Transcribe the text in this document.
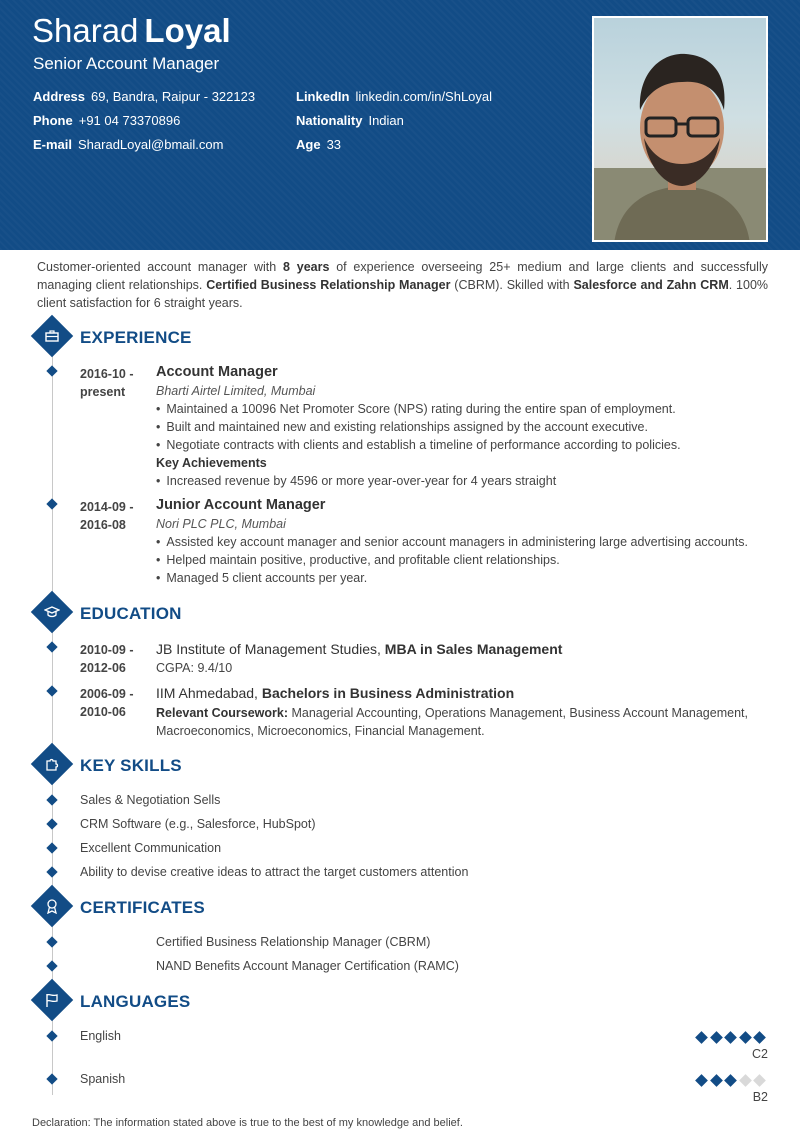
Sharad Loyal
Senior Account Manager
Address 69, Bandra, Raipur - 322123
Phone +91 04 73370896
E-mail SharadLoyal@bmail.com
LinkedIn linkedin.com/in/ShLoyal
Nationality Indian
Age 33
Customer-oriented account manager with 8 years of experience overseeing 25+ medium and large clients and successfully managing client relationships. Certified Business Relationship Manager (CBRM). Skilled with Salesforce and Zahn CRM. 100% client satisfaction for 6 straight years.
EXPERIENCE
2016-10 -
present
Account Manager
Bharti Airtel Limited, Mumbai
• Maintained a 10096 Net Promoter Score (NPS) rating during the entire span of employment.
• Built and maintained new and existing relationships assigned by the account executive.
• Negotiate contracts with clients and establish a timeline of performance according to policies.
Key Achievements
• Increased revenue by 4596 or more year-over-year for 4 years straight
2014-09 -
2016-08
Junior Account Manager
Nori PLC PLC, Mumbai
• Assisted key account manager and senior account managers in administering large advertising accounts.
• Helped maintain positive, productive, and profitable client relationships.
• Managed 5 client accounts per year.
EDUCATION
2010-09 -
2012-06
JB Institute of Management Studies, MBA in Sales Management
CGPA: 9.4/10
2006-09 -
2010-06
IIM Ahmedabad, Bachelors in Business Administration
Relevant Coursework: Managerial Accounting, Operations Management, Business Account Management,
Macroeconomics, Microeconomics, Financial Management.
KEY SKILLS
Sales & Negotiation Sells
CRM Software (e.g., Salesforce, HubSpot)
Excellent Communication
Ability to devise creative ideas to attract the target customers attention
CERTIFICATES
Certified Business Relationship Manager (CBRM)
NAND Benefits Account Manager Certification (RAMC)
LANGUAGES
English
C2
Spanish
B2
Declaration: The information stated above is true to the best of my knowledge and belief.
